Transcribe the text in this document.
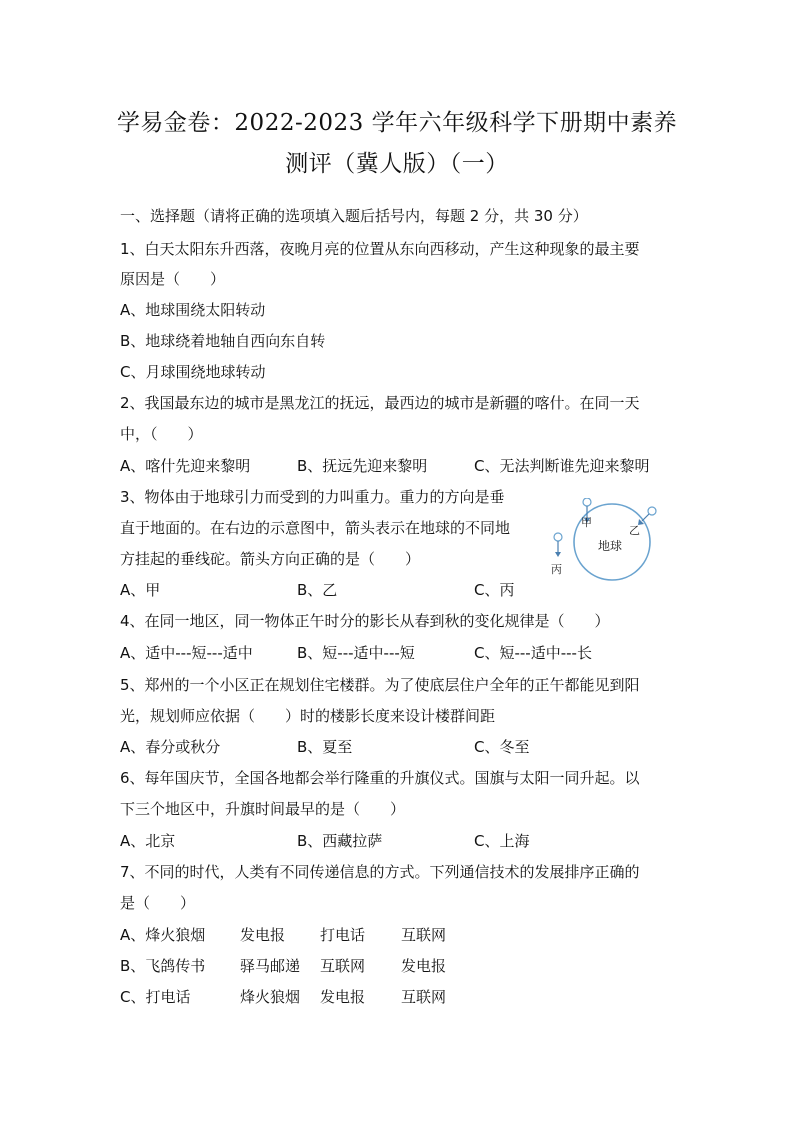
学易金卷：2022-2023 学年六年级科学下册期中素养
测评（冀人版）（一）
一、选择题（请将正确的选项填入题后括号内，每题 2 分，共 30 分）
1、白天太阳东升西落，夜晚月亮的位置从东向西移动，产生这种现象的最主要
原因是（　　）
A、地球围绕太阳转动
B、地球绕着地轴自西向东自转
C、月球围绕地球转动
2、我国最东边的城市是黑龙江的抚远，最西边的城市是新疆的喀什。在同一天
中，（　　）
A、喀什先迎来黎明	B、抚远先迎来黎明	C、无法判断谁先迎来黎明
3、物体由于地球引力而受到的力叫重力。重力的方向是垂
直于地面的。在右边的示意图中，箭头表示在地球的不同地
方挂起的垂线砣。箭头方向正确的是（　　）
A、甲	B、乙	C、丙
甲
乙
丙
地球
4、在同一地区，同一物体正午时分的影长从春到秋的变化规律是（　　）
A、适中---短---适中	B、短---适中---短	C、短---适中---长
5、郑州的一个小区正在规划住宅楼群。为了使底层住户全年的正午都能见到阳
光，规划师应依据（　　）时的楼影长度来设计楼群间距
A、春分或秋分	B、夏至	C、冬至
6、每年国庆节，全国各地都会举行隆重的升旗仪式。国旗与太阳一同升起。以
下三个地区中，升旗时间最早的是（　　）
A、北京	B、西藏拉萨	C、上海
7、不同的时代，人类有不同传递信息的方式。下列通信技术的发展排序正确的
是（　　）
A、烽火狼烟 发电报 打电话 互联网
B、飞鸽传书 驿马邮递 互联网 发电报
C、打电话	烽火狼烟 发电报 互联网
